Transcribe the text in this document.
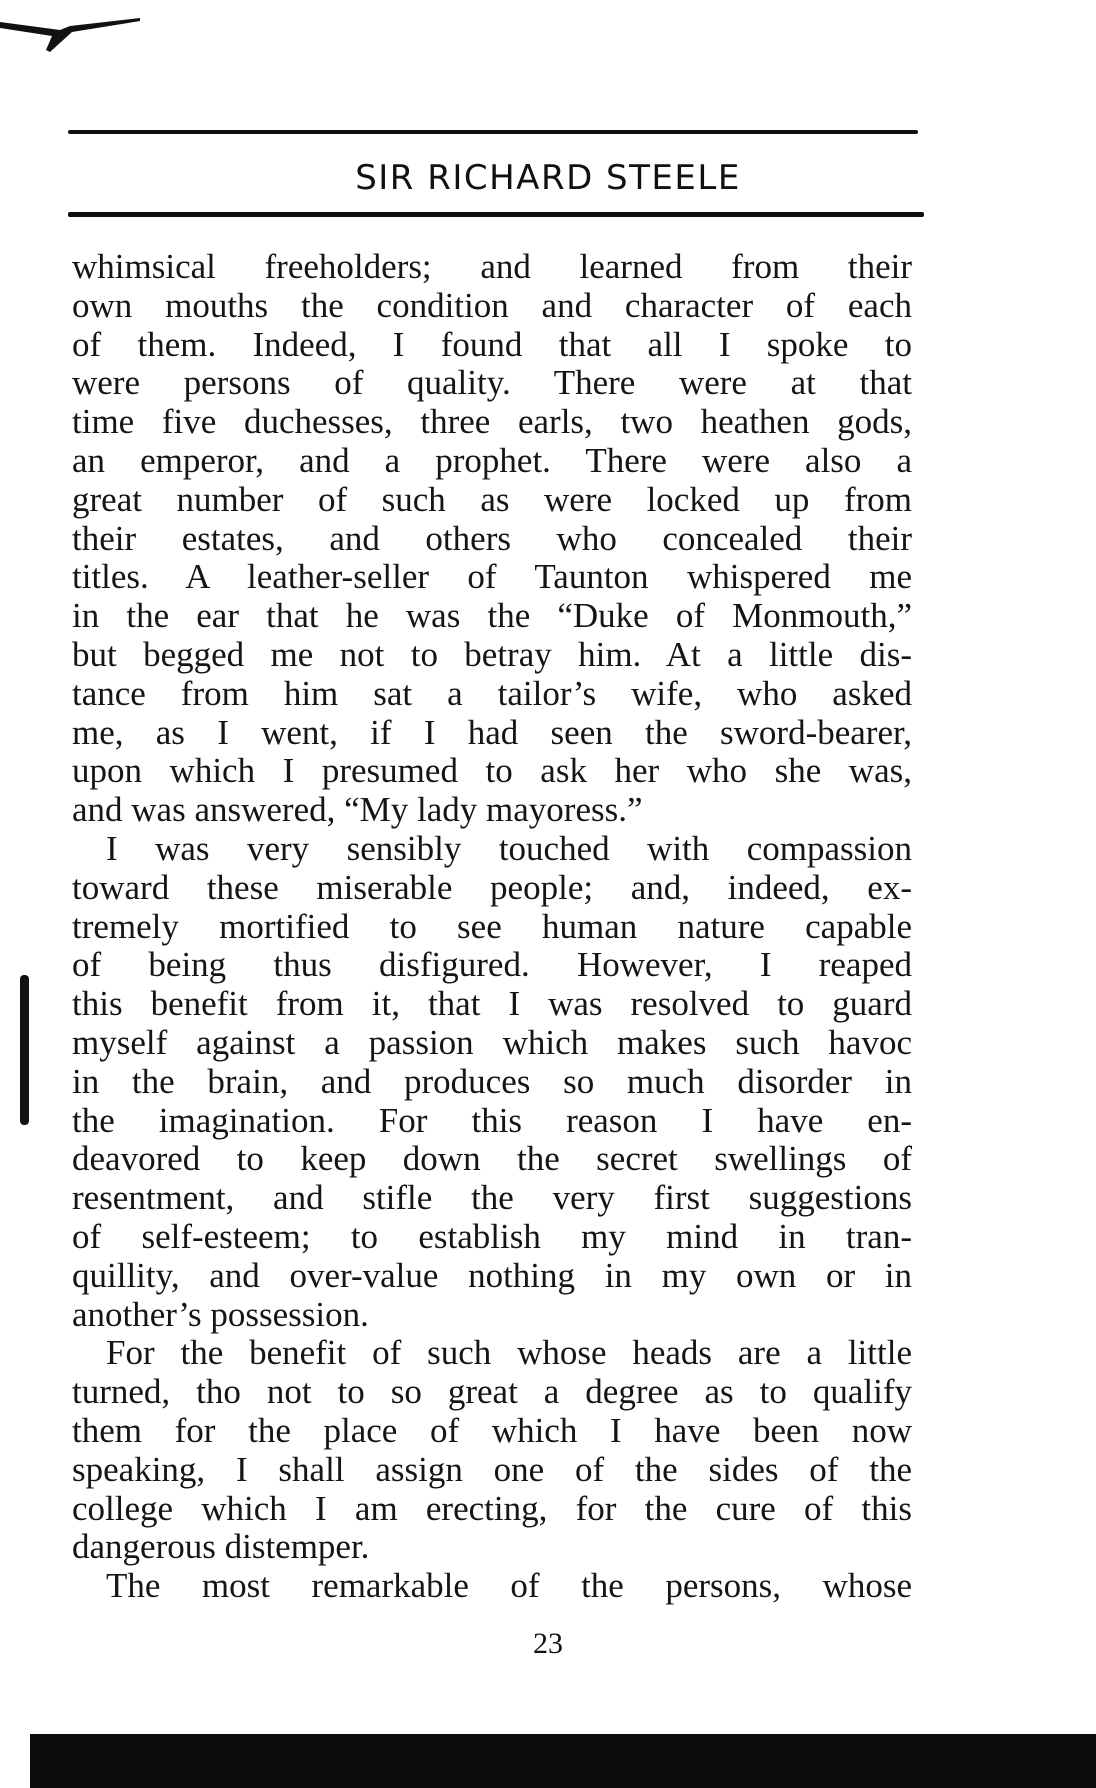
SIR RICHARD STEELE
whimsical freeholders; and learned from their
own mouths the condition and character of each
of them. Indeed, I found that all I spoke to
were persons of quality. There were at that
time five duchesses, three earls, two heathen gods,
an emperor, and a prophet. There were also a
great number of such as were locked up from
their estates, and others who concealed their
titles. A leather-seller of Taunton whispered me
in the ear that he was the “Duke of Monmouth,”
but begged me not to betray him. At a little dis-
tance from him sat a tailor’s wife, who asked
me, as I went, if I had seen the sword-bearer,
upon which I presumed to ask her who she was,
and was answered, “My lady mayoress.”
I was very sensibly touched with compassion
toward these miserable people; and, indeed, ex-
tremely mortified to see human nature capable
of being thus disfigured. However, I reaped
this benefit from it, that I was resolved to guard
myself against a passion which makes such havoc
in the brain, and produces so much disorder in
the imagination. For this reason I have en-
deavored to keep down the secret swellings of
resentment, and stifle the very first suggestions
of self-esteem; to establish my mind in tran-
quillity, and over-value nothing in my own or in
another’s possession.
For the benefit of such whose heads are a little
turned, tho not to so great a degree as to qualify
them for the place of which I have been now
speaking, I shall assign one of the sides of the
college which I am erecting, for the cure of this
dangerous distemper.
The most remarkable of the persons, whose
23
